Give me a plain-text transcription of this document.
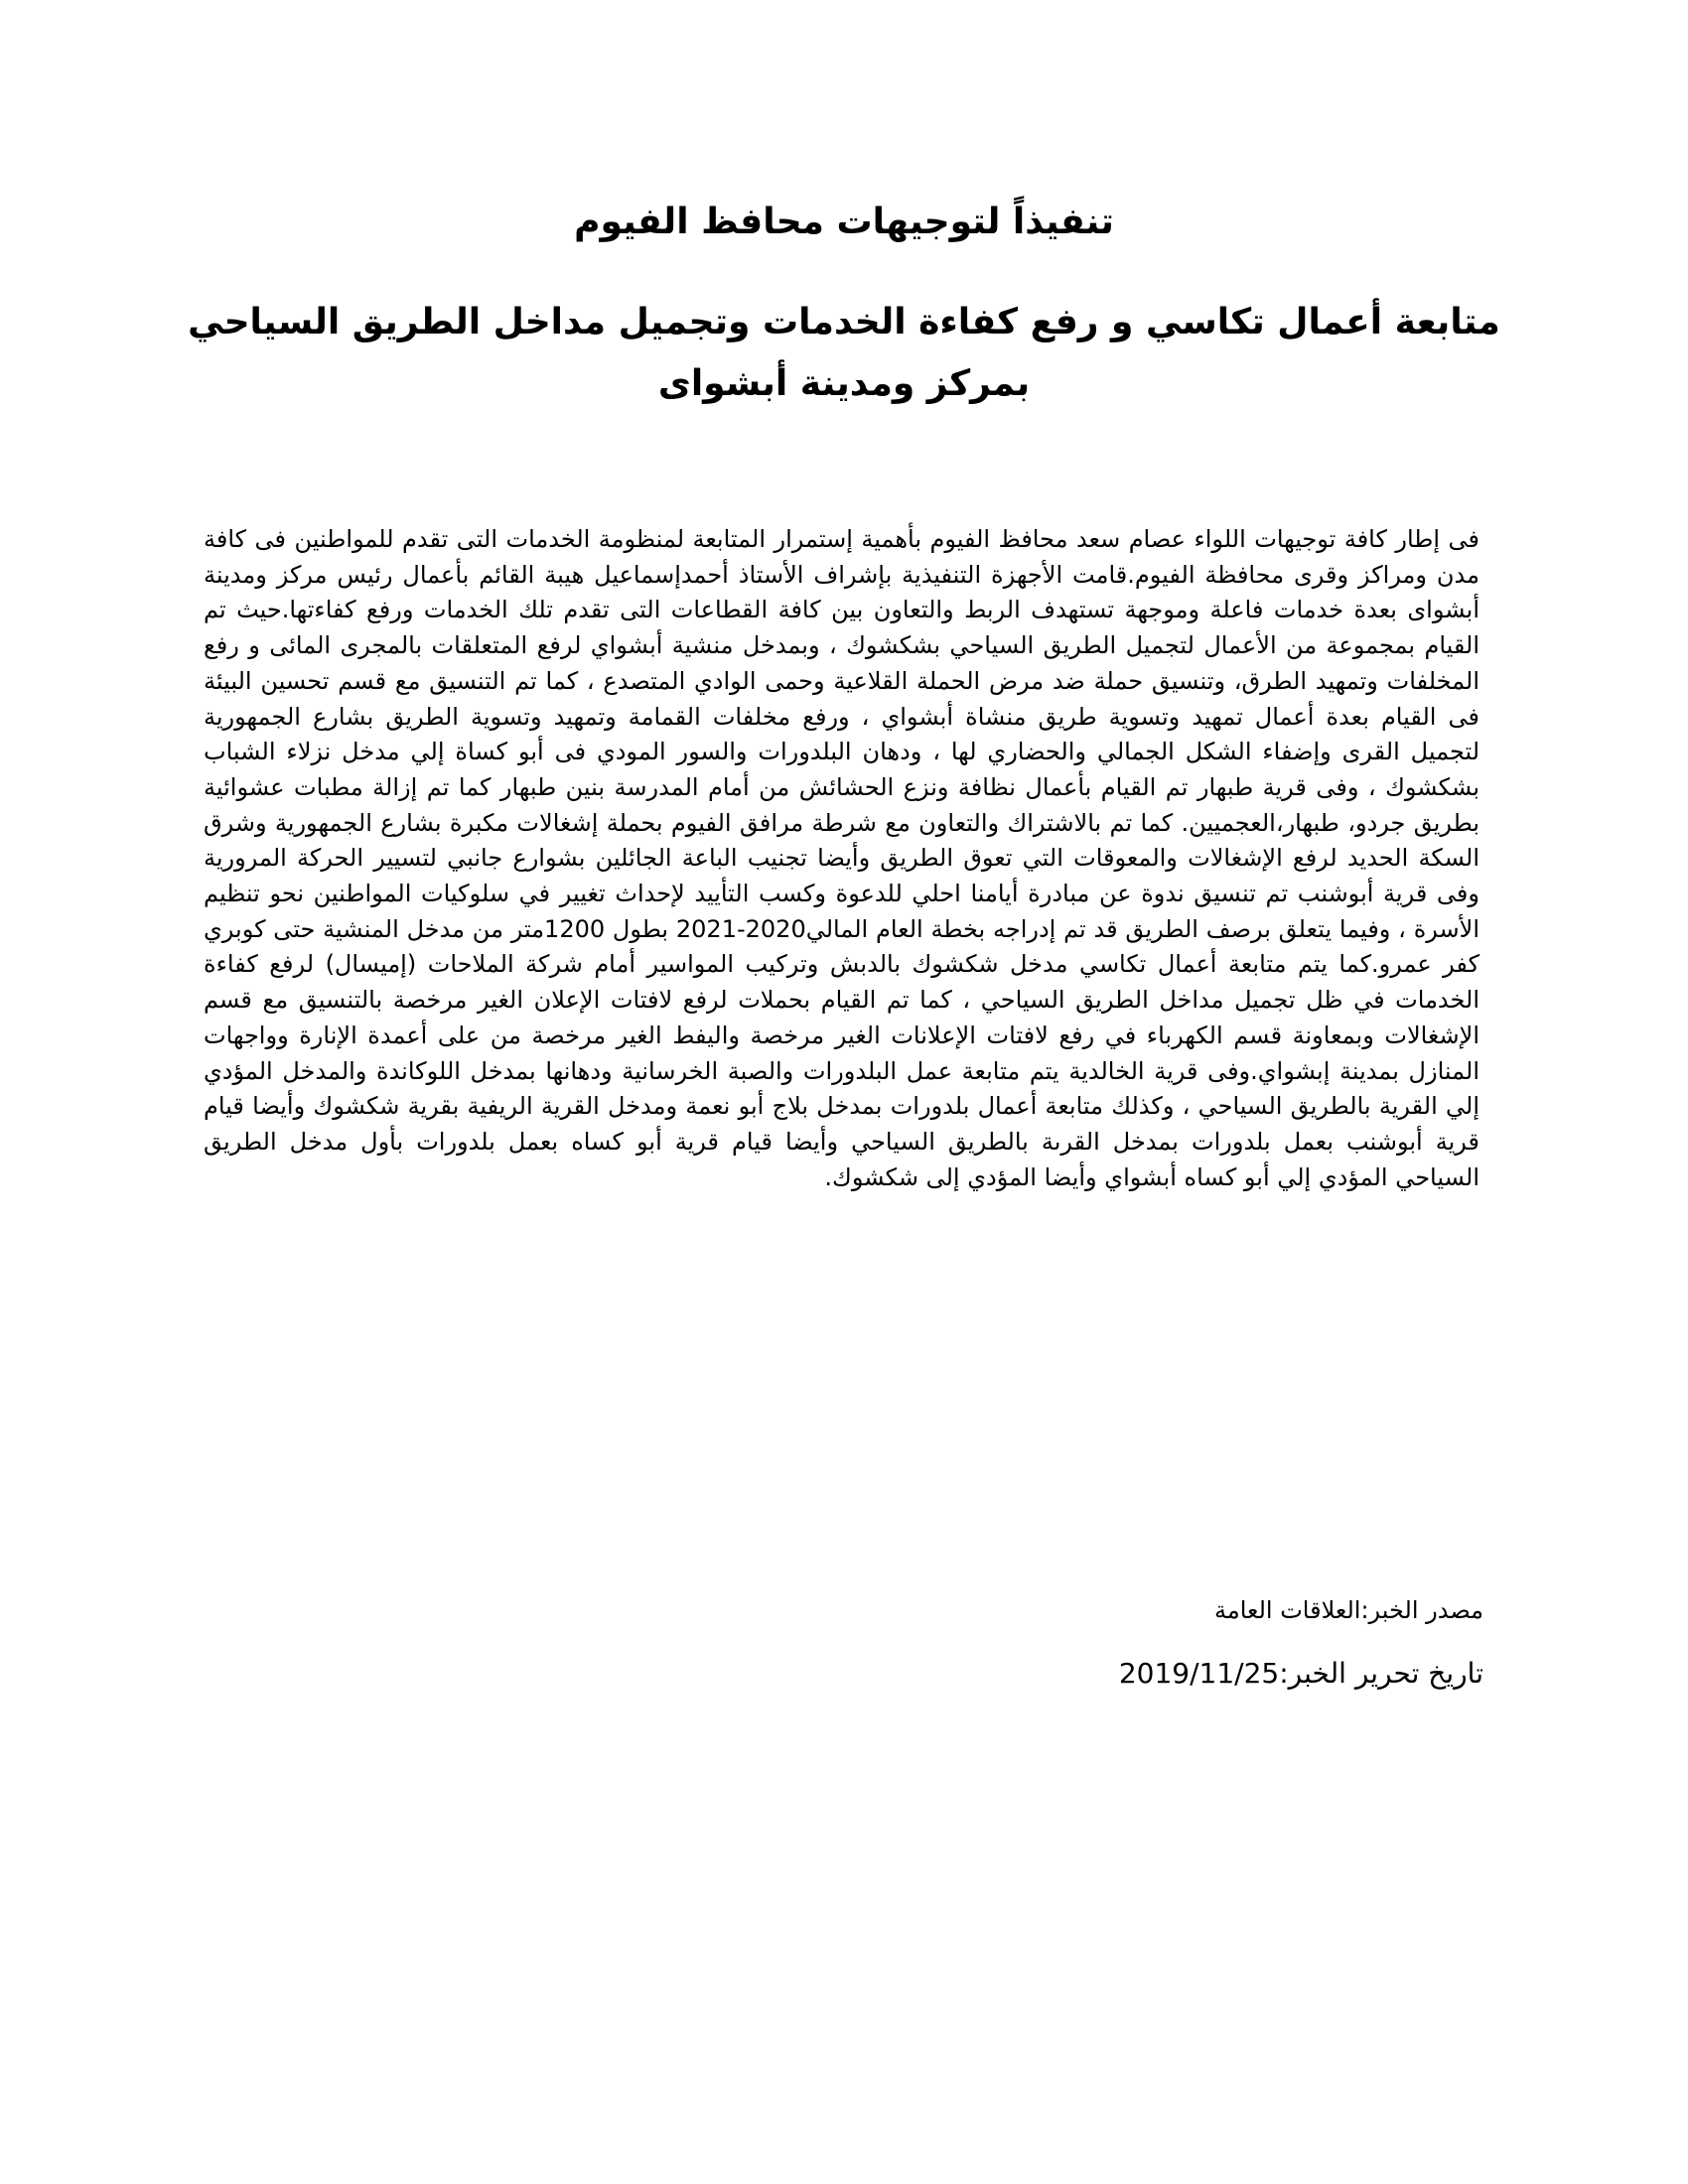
تنفيذاً لتوجيهات محافظ الفيوم
متابعة أعمال تكاسي و رفع كفاءة الخدمات وتجميل مداخل الطريق السياحي بمركز ومدينة أبشواى

فى إطار كافة توجيهات اللواء عصام سعد محافظ الفيوم بأهمية إستمرار المتابعة لمنظومة الخدمات التى تقدم للمواطنين فى كافة مدن ومراكز وقرى محافظة الفيوم.قامت الأجهزة التنفيذية بإشراف الأستاذ أحمدإسماعيل هيبة القائم بأعمال رئيس مركز ومدينة أبشواى بعدة خدمات فاعلة وموجهة تستهدف الربط والتعاون بين كافة القطاعات التى تقدم تلك الخدمات ورفع كفاءتها.حيث تم القيام بمجموعة من الأعمال لتجميل الطريق السياحي بشكشوك ، وبمدخل منشية أبشواي لرفع المتعلقات بالمجرى المائى و رفع المخلفات وتمهيد الطرق، وتنسيق حملة ضد مرض الحملة القلاعية وحمى الوادي المتصدع ، كما تم التنسيق مع قسم تحسين البيئة فى القيام بعدة أعمال تمهيد وتسوية طريق منشاة أبشواي ، ورفع مخلفات القمامة وتمهيد وتسوية الطريق بشارع الجمهورية لتجميل القرى وإضفاء الشكل الجمالي والحضاري لها ، ودهان البلدورات والسور المودي فى أبو كساة إلي مدخل نزلاء الشباب بشكشوك ، وفى قرية طبهار تم القيام بأعمال نظافة ونزع الحشائش من أمام المدرسة بنين طبهار كما تم إزالة مطبات عشوائية بطريق جردو، طبهار،العجميين. كما تم بالاشتراك والتعاون مع شرطة مرافق الفيوم بحملة إشغالات مكبرة بشارع الجمهورية وشرق السكة الحديد لرفع الإشغالات والمعوقات التي تعوق الطريق وأيضا تجنيب الباعة الجائلين بشوارع جانبي لتسيير الحركة المرورية وفى قرية أبوشنب تم تنسيق ندوة عن مبادرة أيامنا احلي للدعوة وكسب التأييد لإحداث تغيير في سلوكيات المواطنين نحو تنظيم الأسرة ، وفيما يتعلق برصف الطريق قد تم إدراجه بخطة العام المالي2020-2021 بطول 1200متر من مدخل المنشية حتى كوبري كفر عمرو.كما يتم متابعة أعمال تكاسي مدخل شكشوك بالدبش وتركيب المواسير أمام شركة الملاحات (إميسال) لرفع كفاءة الخدمات في ظل تجميل مداخل الطريق السياحي ، كما تم القيام بحملات لرفع لافتات الإعلان الغير مرخصة بالتنسيق مع قسم الإشغالات وبمعاونة قسم الكهرباء في رفع لافتات الإعلانات الغير مرخصة واليفط الغير مرخصة من على أعمدة الإنارة وواجهات المنازل بمدينة إبشواي.وفى قرية الخالدية يتم متابعة عمل البلدورات والصبة الخرسانية ودهانها بمدخل اللوكاندة والمدخل المؤدي إلي القرية بالطريق السياحي ، وكذلك متابعة أعمال بلدورات بمدخل بلاج أبو نعمة ومدخل القرية الريفية بقرية شكشوك وأيضا قيام قرية أبوشنب بعمل بلدورات بمدخل القرىة بالطريق السياحي وأيضا قيام قرية أبو كساه بعمل بلدورات بأول مدخل الطريق السياحي المؤدي إلي أبو كساه أبشواي وأيضا المؤدي إلى شكشوك.

مصدر الخبر:العلاقات العامة

تاريخ تحرير الخبر:2019/11/25
